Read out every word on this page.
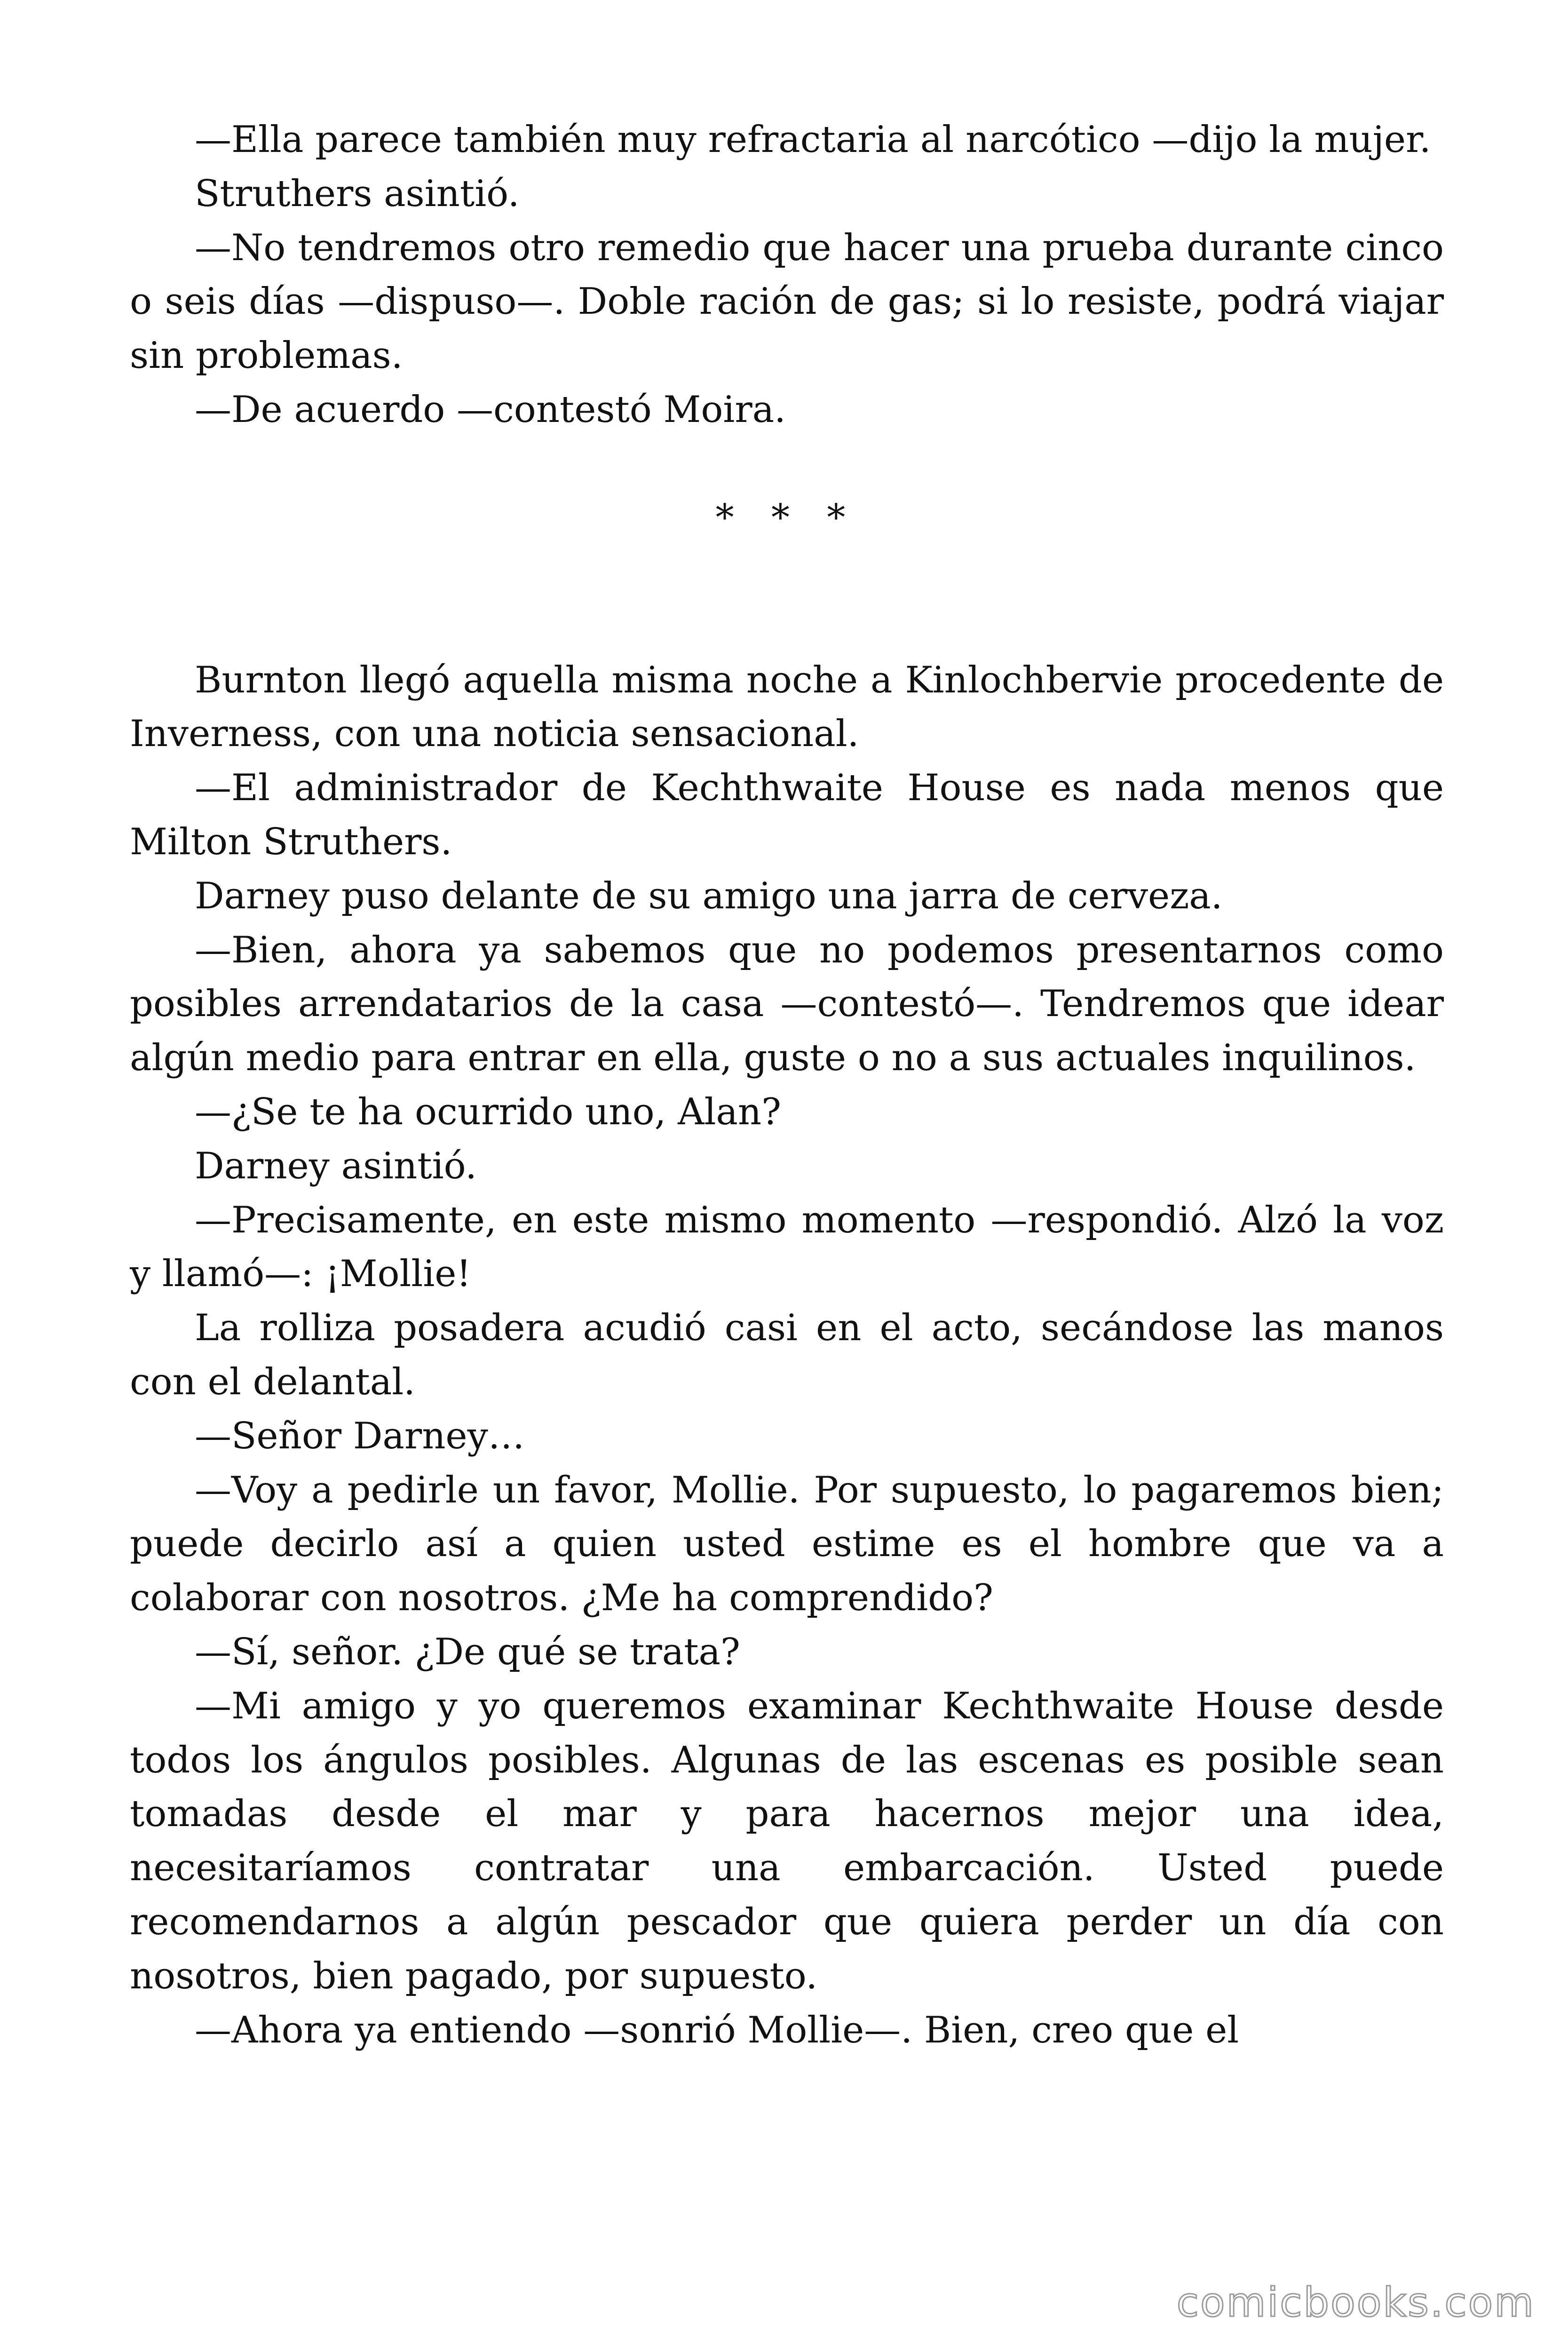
—Ella parece también muy refractaria al narcótico —dijo la mujer.

Struthers asintió.

—No tendremos otro remedio que hacer una prueba durante cinco o seis días —dispuso—. Doble ración de gas; si lo resiste, podrá viajar sin problemas.

—De acuerdo —contestó Moira.

* * *

Burnton llegó aquella misma noche a Kinlochbervie procedente de Inverness, con una noticia sensacional.

—El administrador de Kechthwaite House es nada menos que Milton Struthers.

Darney puso delante de su amigo una jarra de cerveza.

—Bien, ahora ya sabemos que no podemos presentarnos como posibles arrendatarios de la casa —contestó—. Tendremos que idear algún medio para entrar en ella, guste o no a sus actuales inquilinos.

—¿Se te ha ocurrido uno, Alan?

Darney asintió.

—Precisamente, en este mismo momento —respondió. Alzó la voz y llamó—: ¡Mollie!

La rolliza posadera acudió casi en el acto, secándose las manos con el delantal.

—Señor Darney…

—Voy a pedirle un favor, Mollie. Por supuesto, lo pagaremos bien; puede decirlo así a quien usted estime es el hombre que va a colaborar con nosotros. ¿Me ha comprendido?

—Sí, señor. ¿De qué se trata?

—Mi amigo y yo queremos examinar Kechthwaite House desde todos los ángulos posibles. Algunas de las escenas es posible sean tomadas desde el mar y para hacernos mejor una idea, necesitaríamos contratar una embarcación. Usted puede recomendarnos a algún pescador que quiera perder un día con nosotros, bien pagado, por supuesto.

—Ahora ya entiendo —sonrió Mollie—. Bien, creo que el

comicbooks.com
